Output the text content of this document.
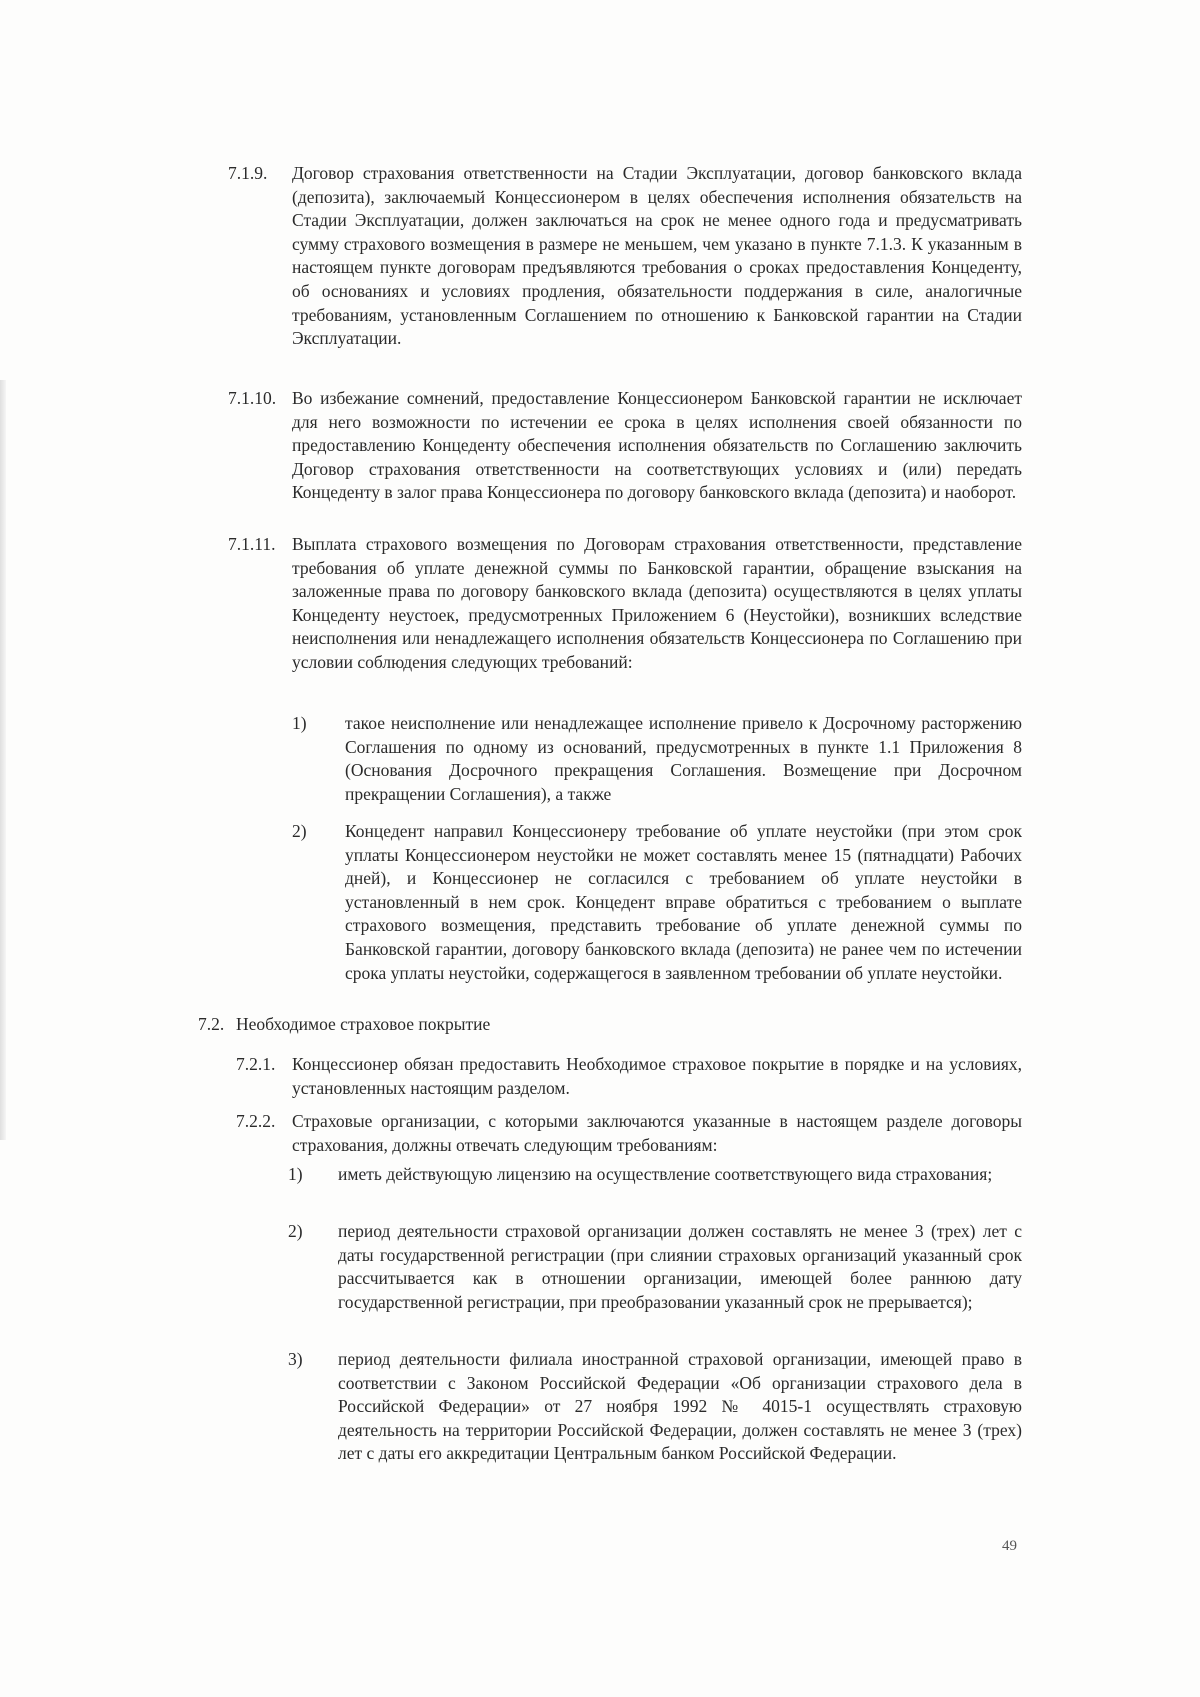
7.1.9. Договор страхования ответственности на Стадии Эксплуатации, договор банковского вклада (депозита), заключаемый Концессионером в целях обеспечения исполнения обязательств на Стадии Эксплуатации, должен заключаться на срок не менее одного года и предусматривать сумму страхового возмещения в размере не меньшем, чем указано в пункте 7.1.3. К указанным в настоящем пункте договорам предъявляются требования о сроках предоставления Концеденту, об основаниях и условиях продления, обязательности поддержания в силе, аналогичные требованиям, установленным Соглашением по отношению к Банковской гарантии на Стадии Эксплуатации.
7.1.10. Во избежание сомнений, предоставление Концессионером Банковской гарантии не исключает для него возможности по истечении ее срока в целях исполнения своей обязанности по предоставлению Концеденту обеспечения исполнения обязательств по Соглашению заключить Договор страхования ответственности на соответствующих условиях и (или) передать Концеденту в залог права Концессионера по договору банковского вклада (депозита) и наоборот.
7.1.11. Выплата страхового возмещения по Договорам страхования ответственности, представление требования об уплате денежной суммы по Банковской гарантии, обращение взыскания на заложенные права по договору банковского вклада (депозита) осуществляются в целях уплаты Концеденту неустоек, предусмотренных Приложением 6 (Неустойки), возникших вследствие неисполнения или ненадлежащего исполнения обязательств Концессионера по Соглашению при условии соблюдения следующих требований:
1) такое неисполнение или ненадлежащее исполнение привело к Досрочному расторжению Соглашения по одному из оснований, предусмотренных в пункте 1.1 Приложения 8 (Основания Досрочного прекращения Соглашения. Возмещение при Досрочном прекращении Соглашения), а также
2) Концедент направил Концессионеру требование об уплате неустойки (при этом срок уплаты Концессионером неустойки не может составлять менее 15 (пятнадцати) Рабочих дней), и Концессионер не согласился с требованием об уплате неустойки в установленный в нем срок. Концедент вправе обратиться с требованием о выплате страхового возмещения, представить требование об уплате денежной суммы по Банковской гарантии, договору банковского вклада (депозита) не ранее чем по истечении срока уплаты неустойки, содержащегося в заявленном требовании об уплате неустойки.
7.2. Необходимое страховое покрытие
7.2.1. Концессионер обязан предоставить Необходимое страховое покрытие в порядке и на условиях, установленных настоящим разделом.
7.2.2. Страховые организации, с которыми заключаются указанные в настоящем разделе договоры страхования, должны отвечать следующим требованиям:
1) иметь действующую лицензию на осуществление соответствующего вида страхования;
2) период деятельности страховой организации должен составлять не менее 3 (трех) лет с даты государственной регистрации (при слиянии страховых организаций указанный срок рассчитывается как в отношении организации, имеющей более раннюю дату государственной регистрации, при преобразовании указанный срок не прерывается);
3) период деятельности филиала иностранной страховой организации, имеющей право в соответствии с Законом Российской Федерации «Об организации страхового дела в Российской Федерации» от 27 ноября 1992 № 4015-1 осуществлять страховую деятельность на территории Российской Федерации, должен составлять не менее 3 (трех) лет с даты его аккредитации Центральным банком Российской Федерации.
49
